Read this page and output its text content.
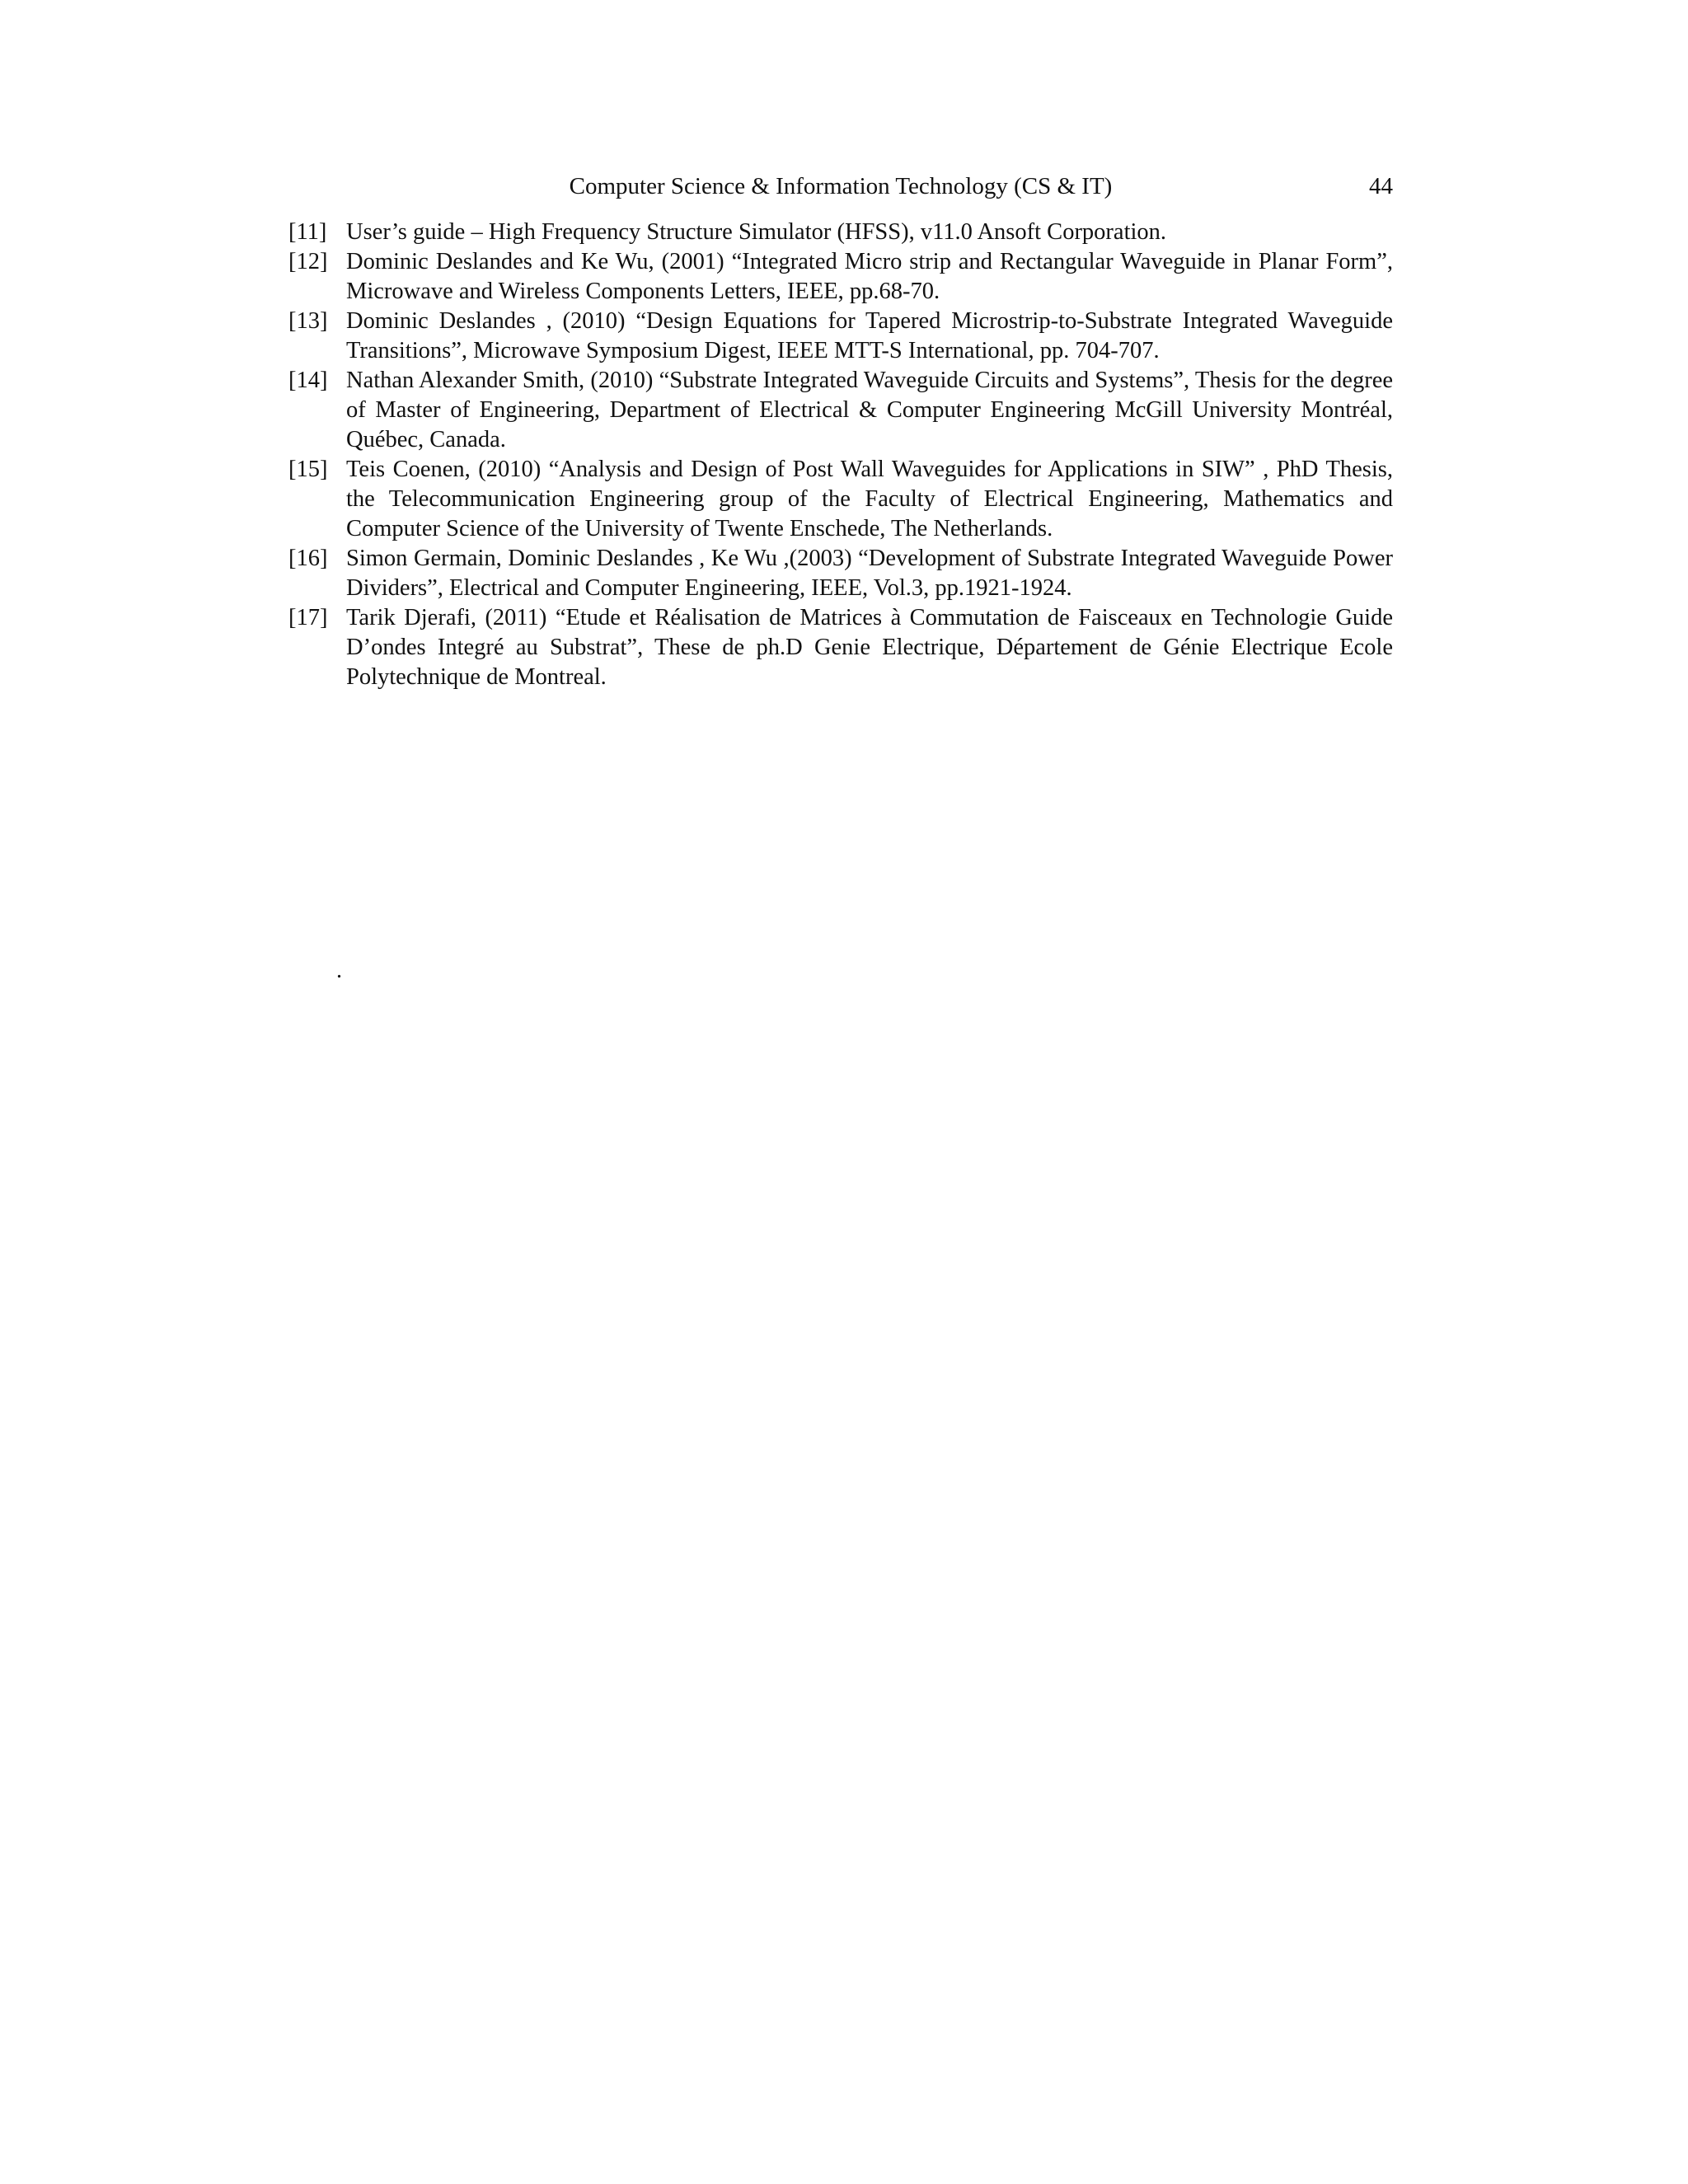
Computer Science & Information Technology (CS & IT)	44
[11] User’s guide – High Frequency Structure Simulator (HFSS), v11.0 Ansoft Corporation.
[12] Dominic Deslandes and Ke Wu, (2001) “Integrated Micro strip and Rectangular Waveguide in Planar Form”, Microwave and Wireless Components Letters, IEEE, pp.68-70.
[13] Dominic Deslandes , (2010) “Design Equations for Tapered Microstrip-to-Substrate Integrated Waveguide Transitions”, Microwave Symposium Digest, IEEE MTT-S International, pp. 704-707.
[14] Nathan Alexander Smith, (2010) “Substrate Integrated Waveguide Circuits and Systems”, Thesis for the degree of Master of Engineering, Department of Electrical & Computer Engineering McGill University Montréal, Québec, Canada.
[15] Teis Coenen, (2010) “Analysis and Design of Post Wall Waveguides for Applications in SIW” , PhD Thesis, the Telecommunication Engineering group of the Faculty of Electrical Engineering, Mathematics and Computer Science of the University of Twente Enschede, The Netherlands.
[16] Simon Germain, Dominic Deslandes , Ke Wu ,(2003) “Development of Substrate Integrated Waveguide Power Dividers”, Electrical and Computer Engineering, IEEE, Vol.3, pp.1921-1924.
[17] Tarik Djerafi, (2011) “Etude et Réalisation de Matrices à Commutation de Faisceaux en Technologie Guide D’ondes Integré au Substrat”, These de ph.D Genie Electrique, Département de Génie Electrique Ecole Polytechnique de Montreal.
.
